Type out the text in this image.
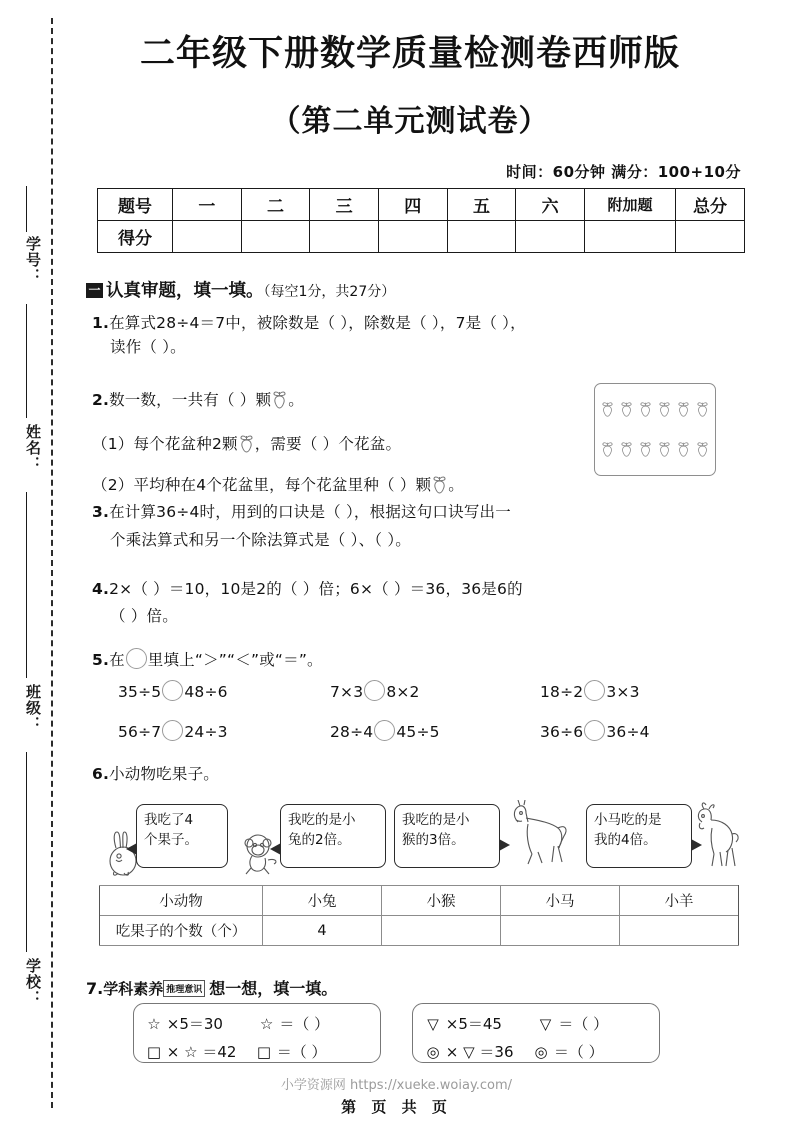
学号：
姓名：
班级：
学校：
二年级下册数学质量检测卷西师版
（第二单元测试卷）
时间：60分钟 满分：100+10分
题号	一	二	三	四	五	六	附加题	总分
得分								
一 认真审题，填一填。（每空1分，共27分）
1.在算式28÷4＝7中，被除数是（ ），除数是（ ），7是（ ），
读作（ ）。
2.数一数，一共有（ ）颗 。
（1）每个花盆种2颗 ，需要（ ）个花盆。
（2）平均种在4个花盆里，每个花盆里种（ ）颗 。
3.在计算36÷4时，用到的口诀是（ ），根据这句口诀写出一
个乘法算式和另一个除法算式是（ ）、（ ）。
4.2×（ ）＝10，10是2的（ ）倍；6×（ ）＝36，36是6的
（ ）倍。
5.在 里填上“＞”“＜”或“＝”。
35÷5 48÷6	7×3 8×2	18÷2 3×3
56÷7 24÷3	28÷4 45÷5	36÷6 36÷4
6.小动物吃果子。
我吃了4
个果子。
我吃的是小
兔的2倍。
我吃的是小
猴的3倍。
小马吃的是
我的4倍。
小动物	小兔	小猴	小马	小羊
吃果子的个数（个）	4			
7.学科素养 推理意识 想一想，填一填。
☆ ×5＝30 ☆ ＝（ ）
□ × ☆ ＝42 □ ＝（ ）
▽ ×5＝45	▽ ＝（ ）
◎ × ▽ ＝36 ◎ ＝（ ）
小学资源网 https://xueke.woiay.com/
第 页 共 页
